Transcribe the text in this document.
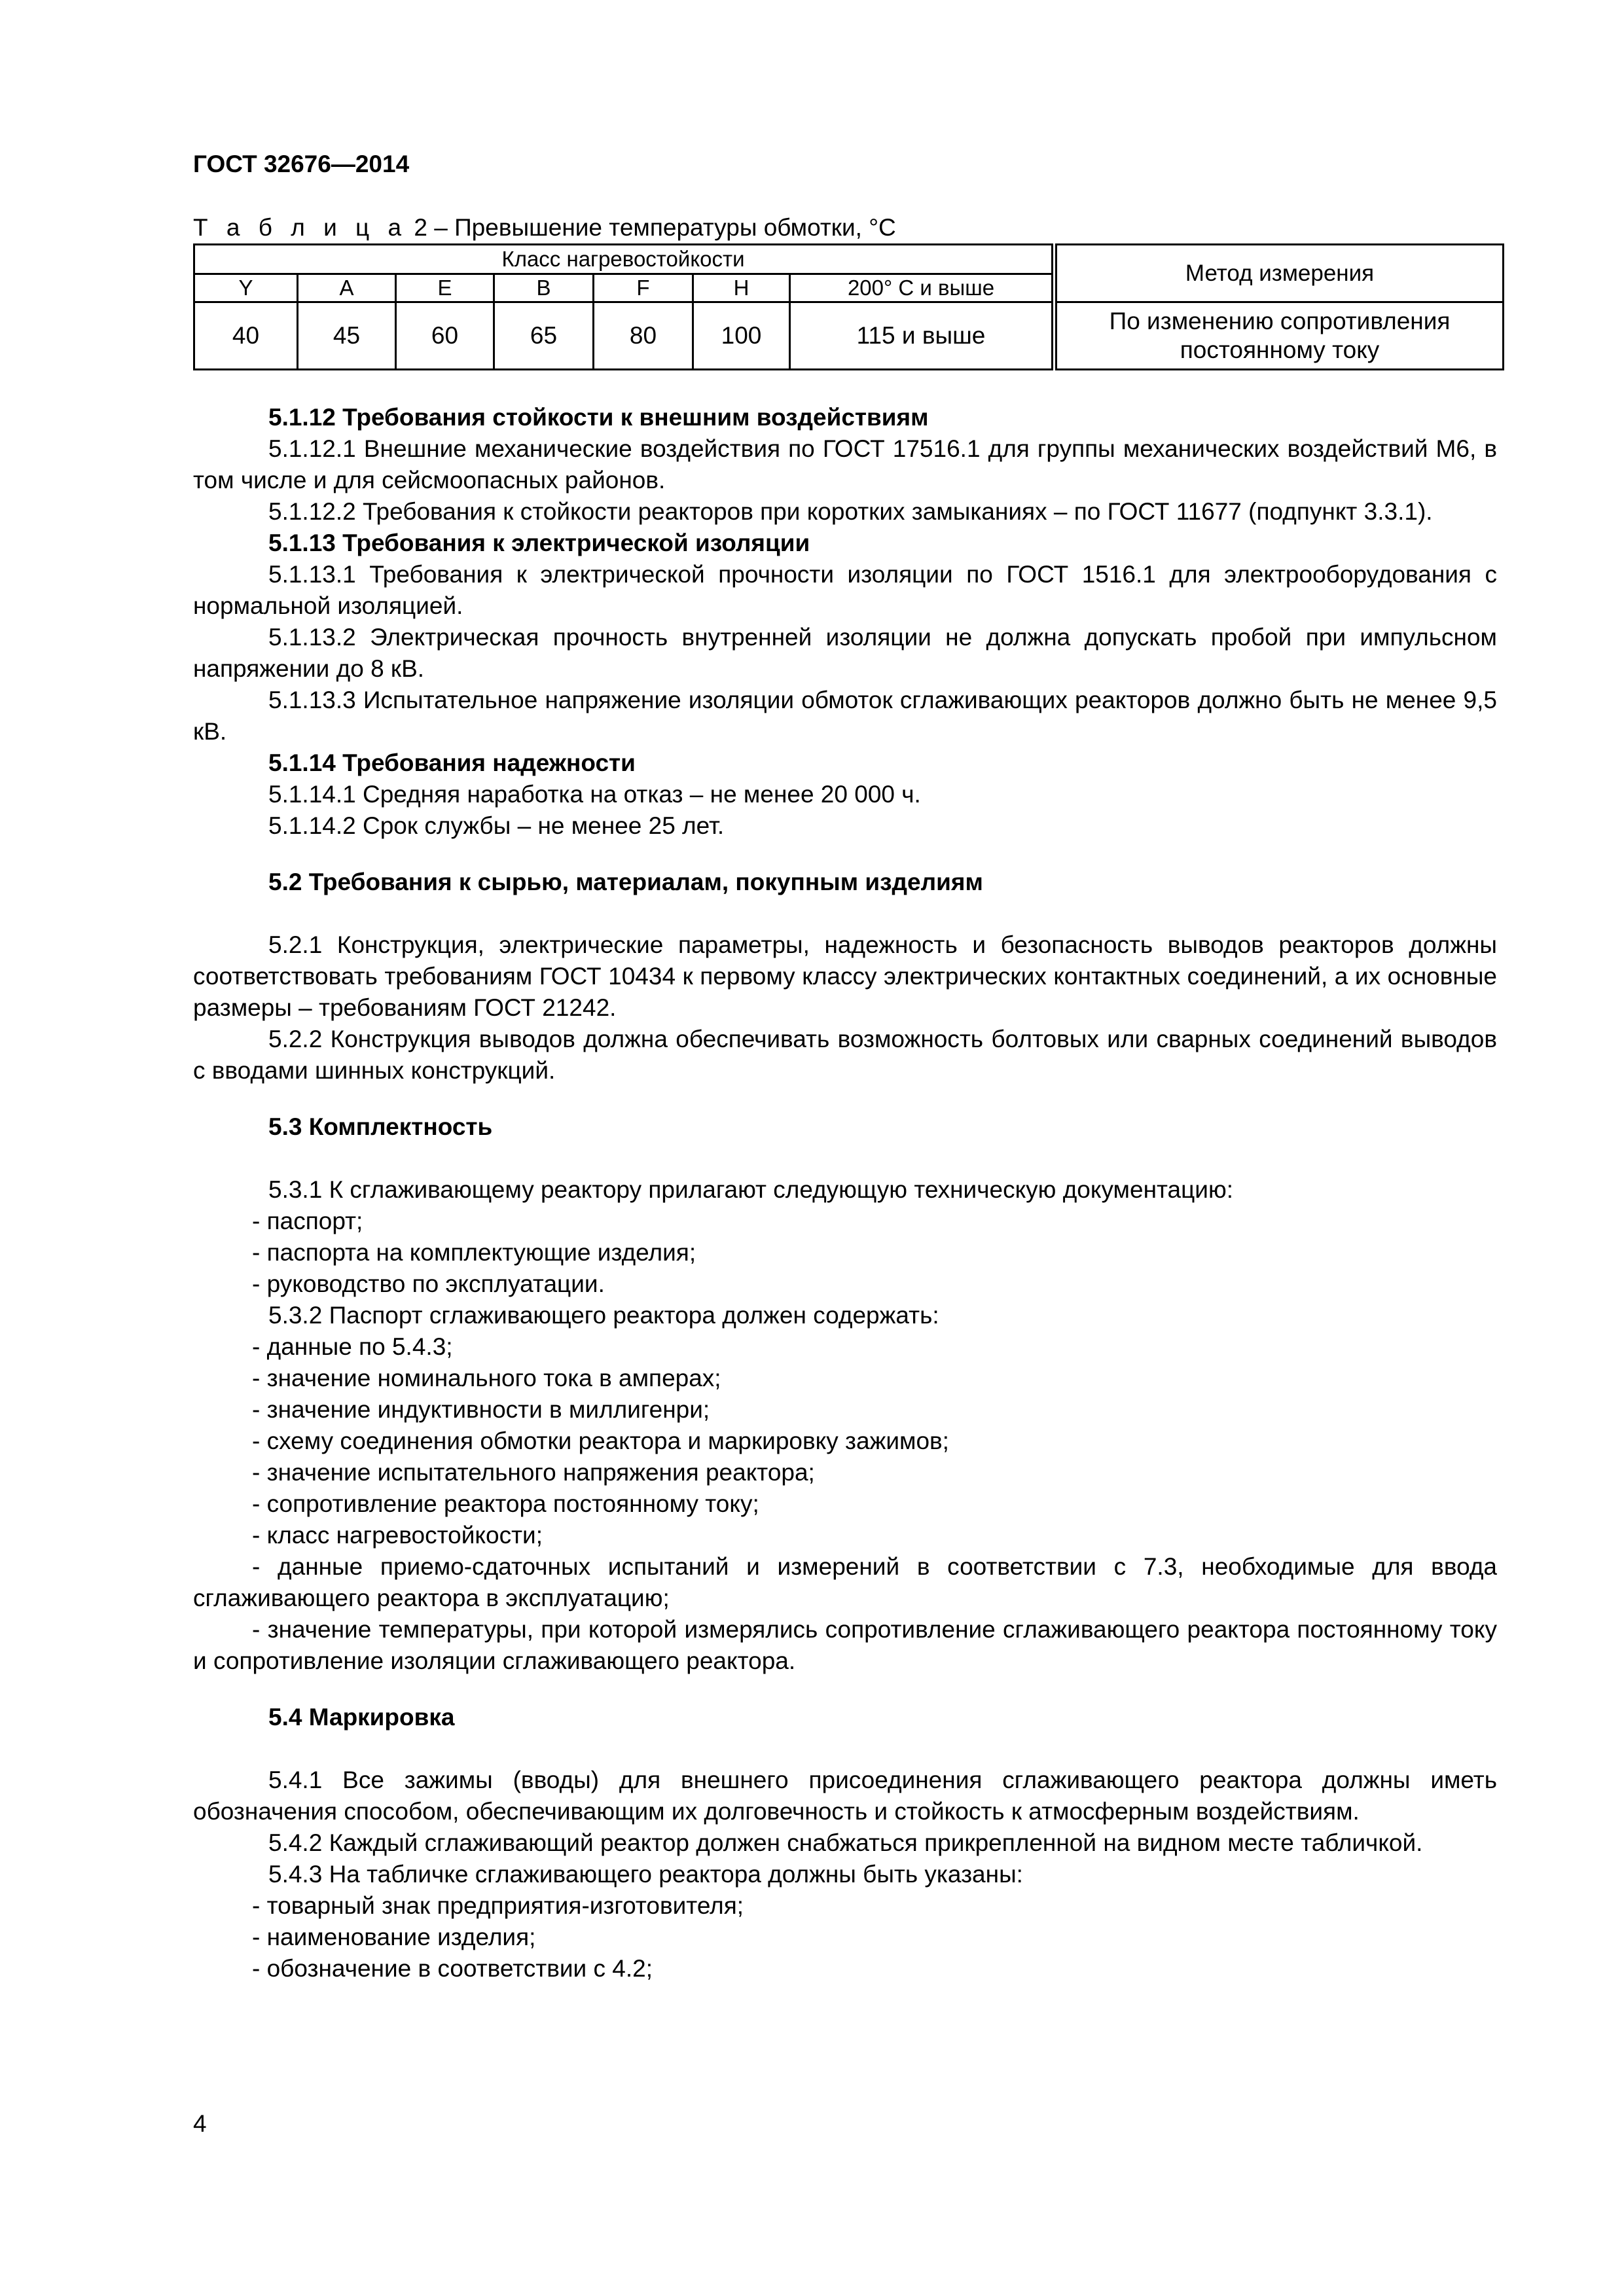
ГОСТ 32676—2014
Т а б л и ц а 2 – Превышение температуры обмотки, °С
Класс нагревостойкости							Метод измерения
Y	A	E	B	F	H	200° С и выше	
40	45	60	65	80	100	115 и выше	По изменению сопротивления постоянному току

5.1.12 Требования стойкости к внешним воздействиям

5.1.12.1 Внешние механические воздействия по ГОСТ 17516.1 для группы механических воздействий М6, в том числе и для сейсмоопасных районов.

5.1.12.2 Требования к стойкости реакторов при коротких замыканиях – по ГОСТ 11677 (подпункт 3.3.1).

5.1.13 Требования к электрической изоляции

5.1.13.1 Требования к электрической прочности изоляции по ГОСТ 1516.1 для электрооборудования с нормальной изоляцией.

5.1.13.2 Электрическая прочность внутренней изоляции не должна допускать пробой при импульсном напряжении до 8 кВ.

5.1.13.3 Испытательное напряжение изоляции обмоток сглаживающих реакторов должно быть не менее 9,5 кВ.

5.1.14 Требования надежности

5.1.14.1 Средняя наработка на отказ – не менее 20 000 ч.

5.1.14.2 Срок службы – не менее 25 лет.

5.2 Требования к сырью, материалам, покупным изделиям

5.2.1 Конструкция, электрические параметры, надежность и безопасность выводов реакторов должны соответствовать требованиям ГОСТ 10434 к первому классу электрических контактных соединений, а их основные размеры – требованиям ГОСТ 21242.

5.2.2 Конструкция выводов должна обеспечивать возможность болтовых или сварных соединений выводов с вводами шинных конструкций.

5.3 Комплектность

5.3.1 К сглаживающему реактору прилагают следующую техническую документацию:

- паспорт;

- паспорта на комплектующие изделия;

- руководство по эксплуатации.

5.3.2 Паспорт сглаживающего реактора должен содержать:

- данные по 5.4.3;

- значение номинального тока в амперах;

- значение индуктивности в миллигенри;

- схему соединения обмотки реактора и маркировку зажимов;

- значение испытательного напряжения реактора;

- сопротивление реактора постоянному току;

- класс нагревостойкости;

- данные приемо-сдаточных испытаний и измерений в соответствии с 7.3, необходимые для ввода сглаживающего реактора в эксплуатацию;

- значение температуры, при которой измерялись сопротивление сглаживающего реактора постоянному току и сопротивление изоляции сглаживающего реактора.

5.4 Маркировка

5.4.1 Все зажимы (вводы) для внешнего присоединения сглаживающего реактора должны иметь обозначения способом, обеспечивающим их долговечность и стойкость к атмосферным воздействиям.

5.4.2 Каждый сглаживающий реактор должен снабжаться прикрепленной на видном месте табличкой.

5.4.3 На табличке сглаживающего реактора должны быть указаны:

- товарный знак предприятия-изготовителя;

- наименование изделия;

- обозначение в соответствии с 4.2;

4
